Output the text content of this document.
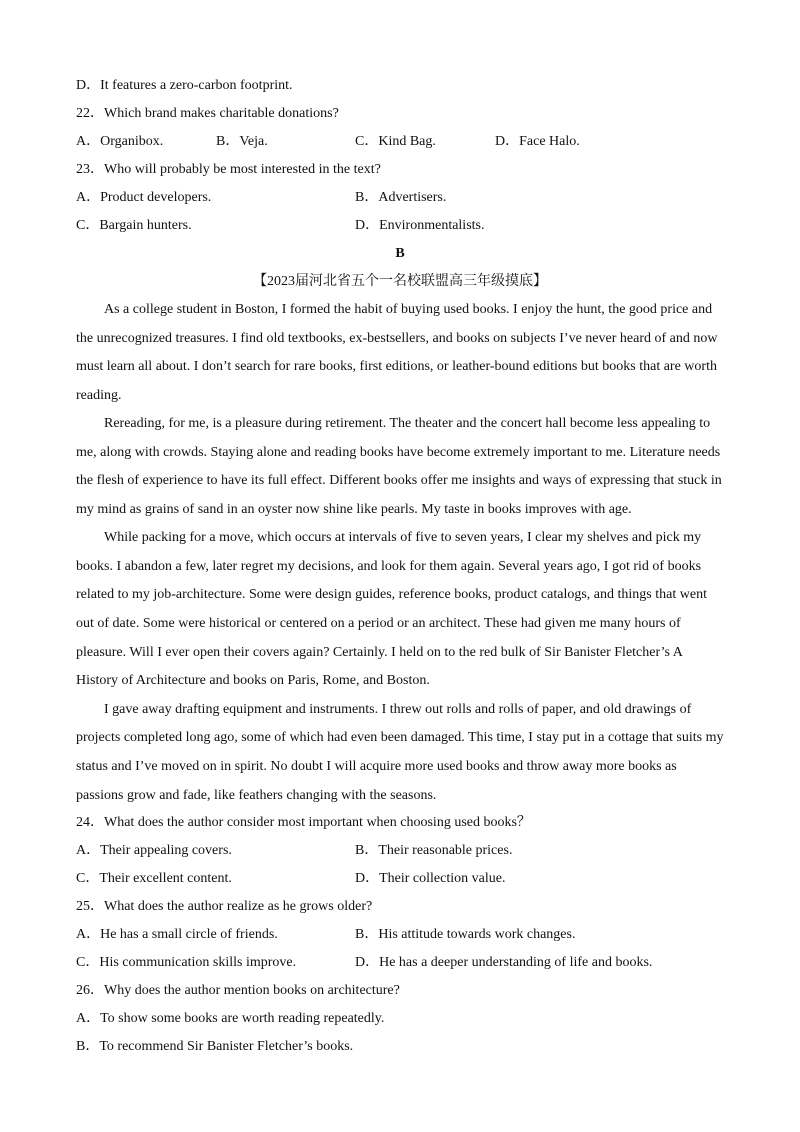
D．It features a zero-carbon footprint.
22．Which brand makes charitable donations?
A．Organibox.	B．Veja.	C．Kind Bag.	D．Face Halo.
23．Who will probably be most interested in the text?
A．Product developers.	B．Advertisers.
C．Bargain hunters.	D．Environmentalists.
B
【2023届河北省五个一名校联盟高三年级摸底】
As a college student in Boston, I formed the habit of buying used books. I enjoy the hunt, the good price and
the unrecognized treasures. I find old textbooks, ex-bestsellers, and books on subjects I’ve never heard of and now
must learn all about. I don’t search for rare books, first editions, or leather-bound editions but books that are worth
reading.
Rereading, for me, is a pleasure during retirement. The theater and the concert hall become less appealing to
me, along with crowds. Staying alone and reading books have become extremely important to me. Literature needs
the flesh of experience to have its full effect. Different books offer me insights and ways of expressing that stuck in
my mind as grains of sand in an oyster now shine like pearls. My taste in books improves with age.
While packing for a move, which occurs at intervals of five to seven years, I clear my shelves and pick my
books. I abandon a few, later regret my decisions, and look for them again. Several years ago, I got rid of books
related to my job-architecture. Some were design guides, reference books, product catalogs, and things that went
out of date. Some were historical or centered on a period or an architect. These had given me many hours of
pleasure. Will I ever open their covers again? Certainly. I held on to the red bulk of Sir Banister Fletcher’s A
History of Architecture and books on Paris, Rome, and Boston.
I gave away drafting equipment and instruments. I threw out rolls and rolls of paper, and old drawings of
projects completed long ago, some of which had even been damaged. This time, I stay put in a cottage that suits my
status and I’ve moved on in spirit. No doubt I will acquire more used books and throw away more books as
passions grow and fade, like feathers changing with the seasons.
24．What does the author consider most important when choosing used books？
A．Their appealing covers.	B．Their reasonable prices.
C．Their excellent content.	D．Their collection value.
25．What does the author realize as he grows older?
A．He has a small circle of friends.	B．His attitude towards work changes.
C．His communication skills improve.	D．He has a deeper understanding of life and books.
26．Why does the author mention books on architecture?
A．To show some books are worth reading repeatedly.
B．To recommend Sir Banister Fletcher’s books.
